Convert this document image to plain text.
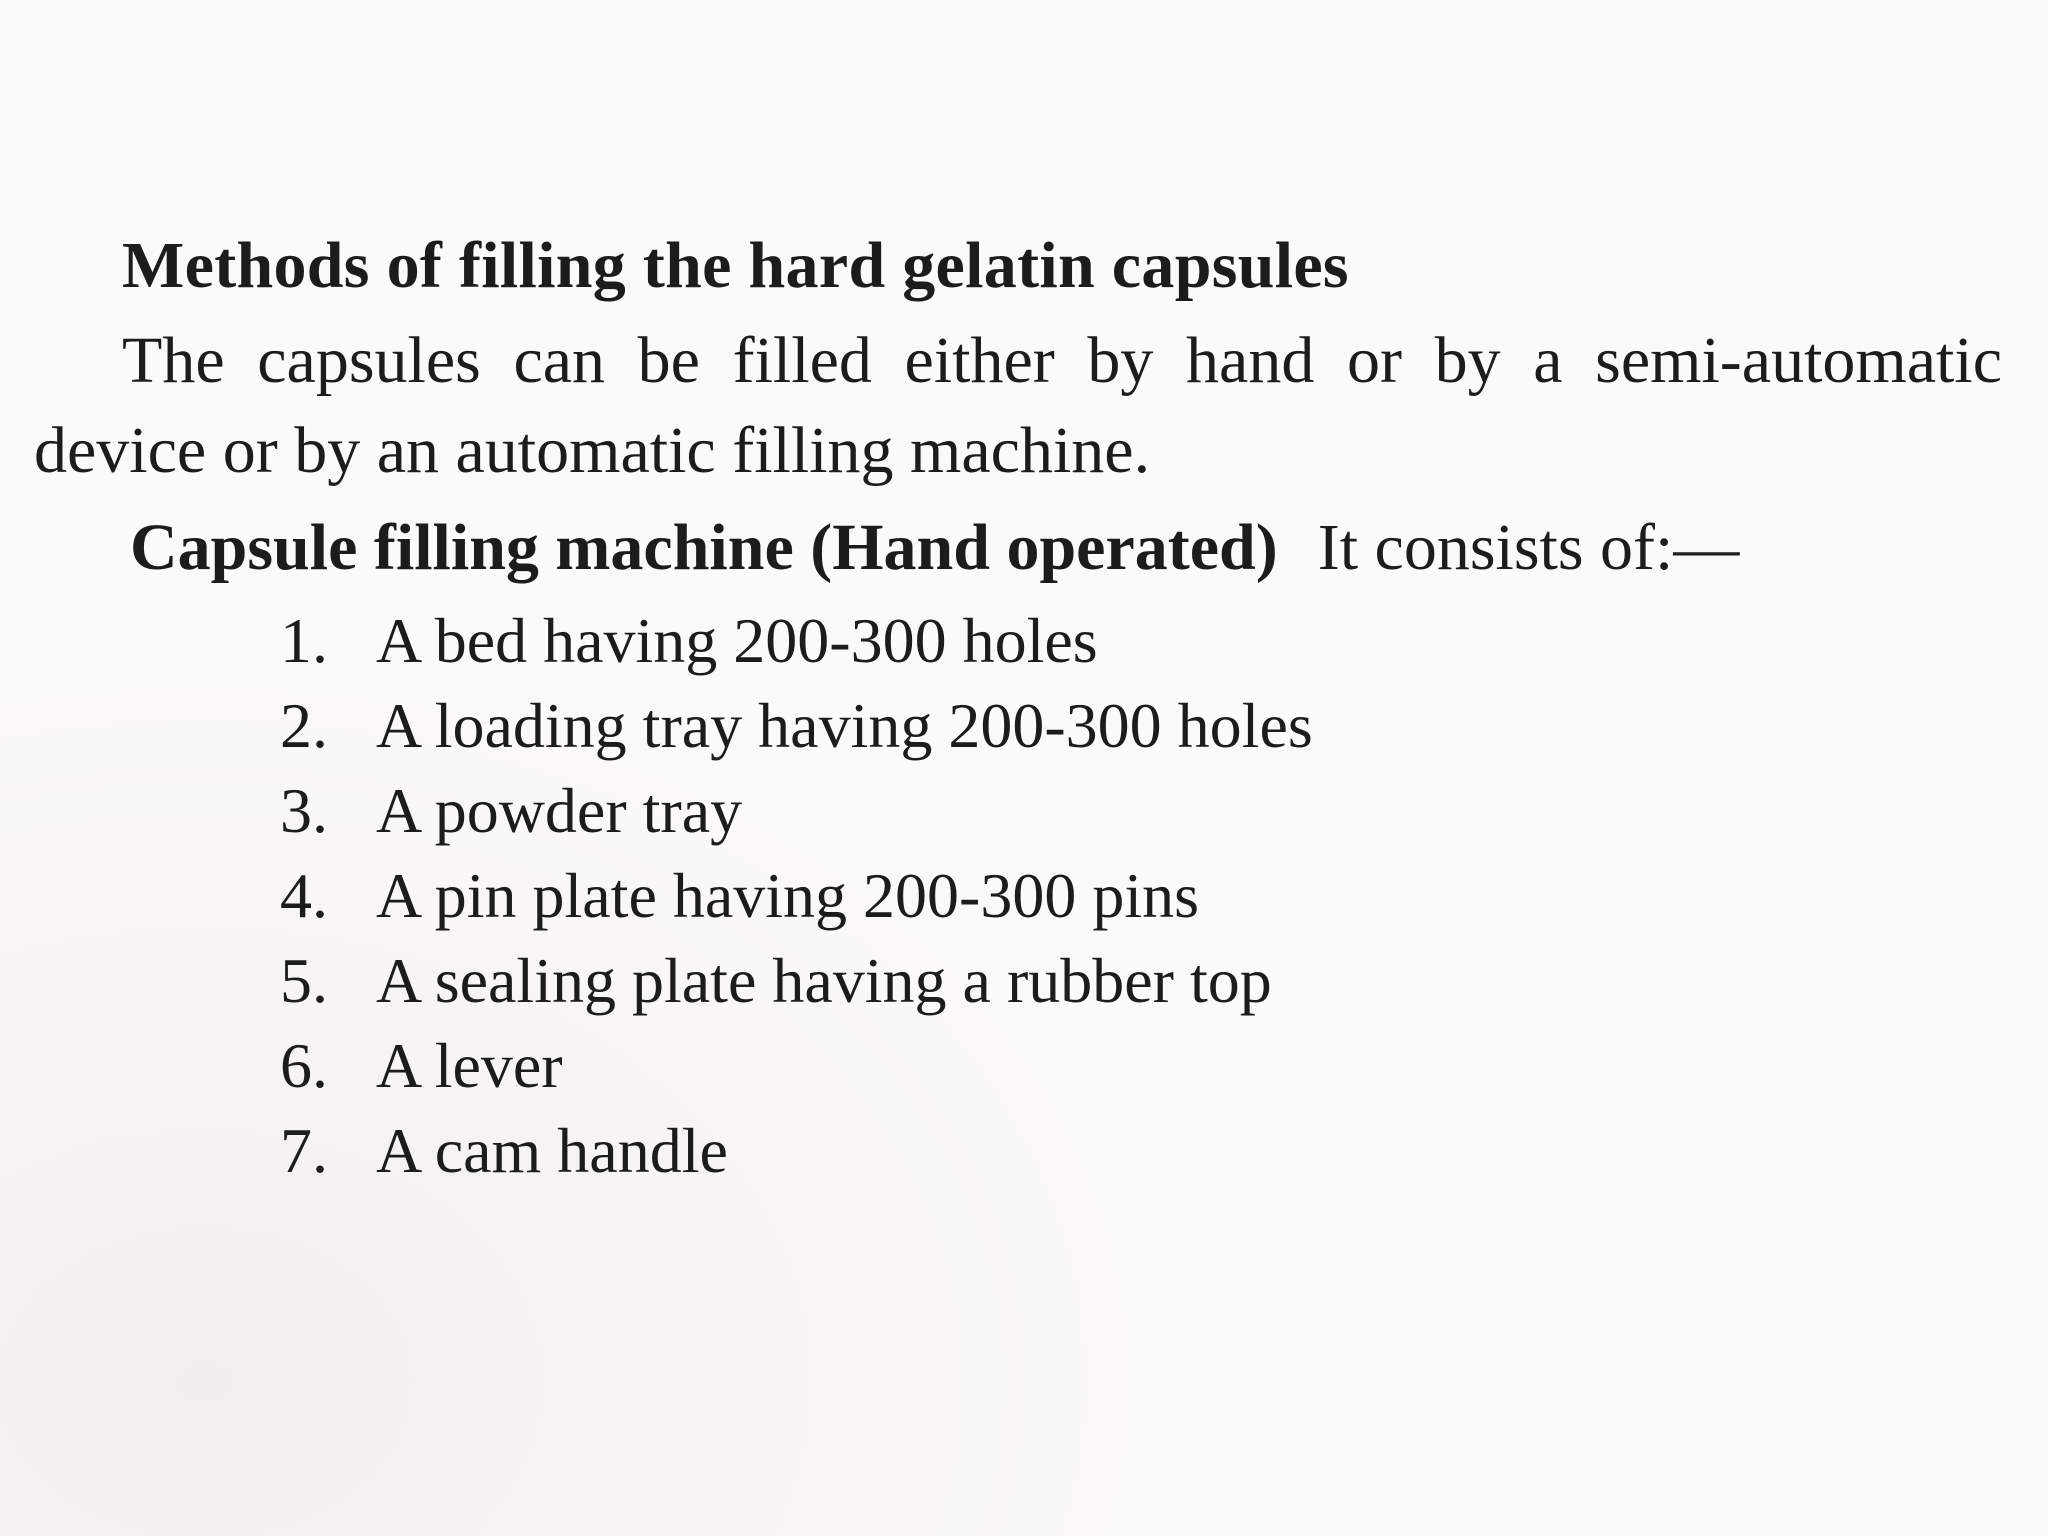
Methods of filling the hard gelatin capsules

The capsules can be filled either by hand or by a semi-automatic
device or by an automatic filling machine.

Capsule filling machine (Hand operated) It consists of:—

1. A bed having 200-300 holes
2. A loading tray having 200-300 holes
3. A powder tray
4. A pin plate having 200-300 pins
5. A sealing plate having a rubber top
6. A lever
7. A cam handle
